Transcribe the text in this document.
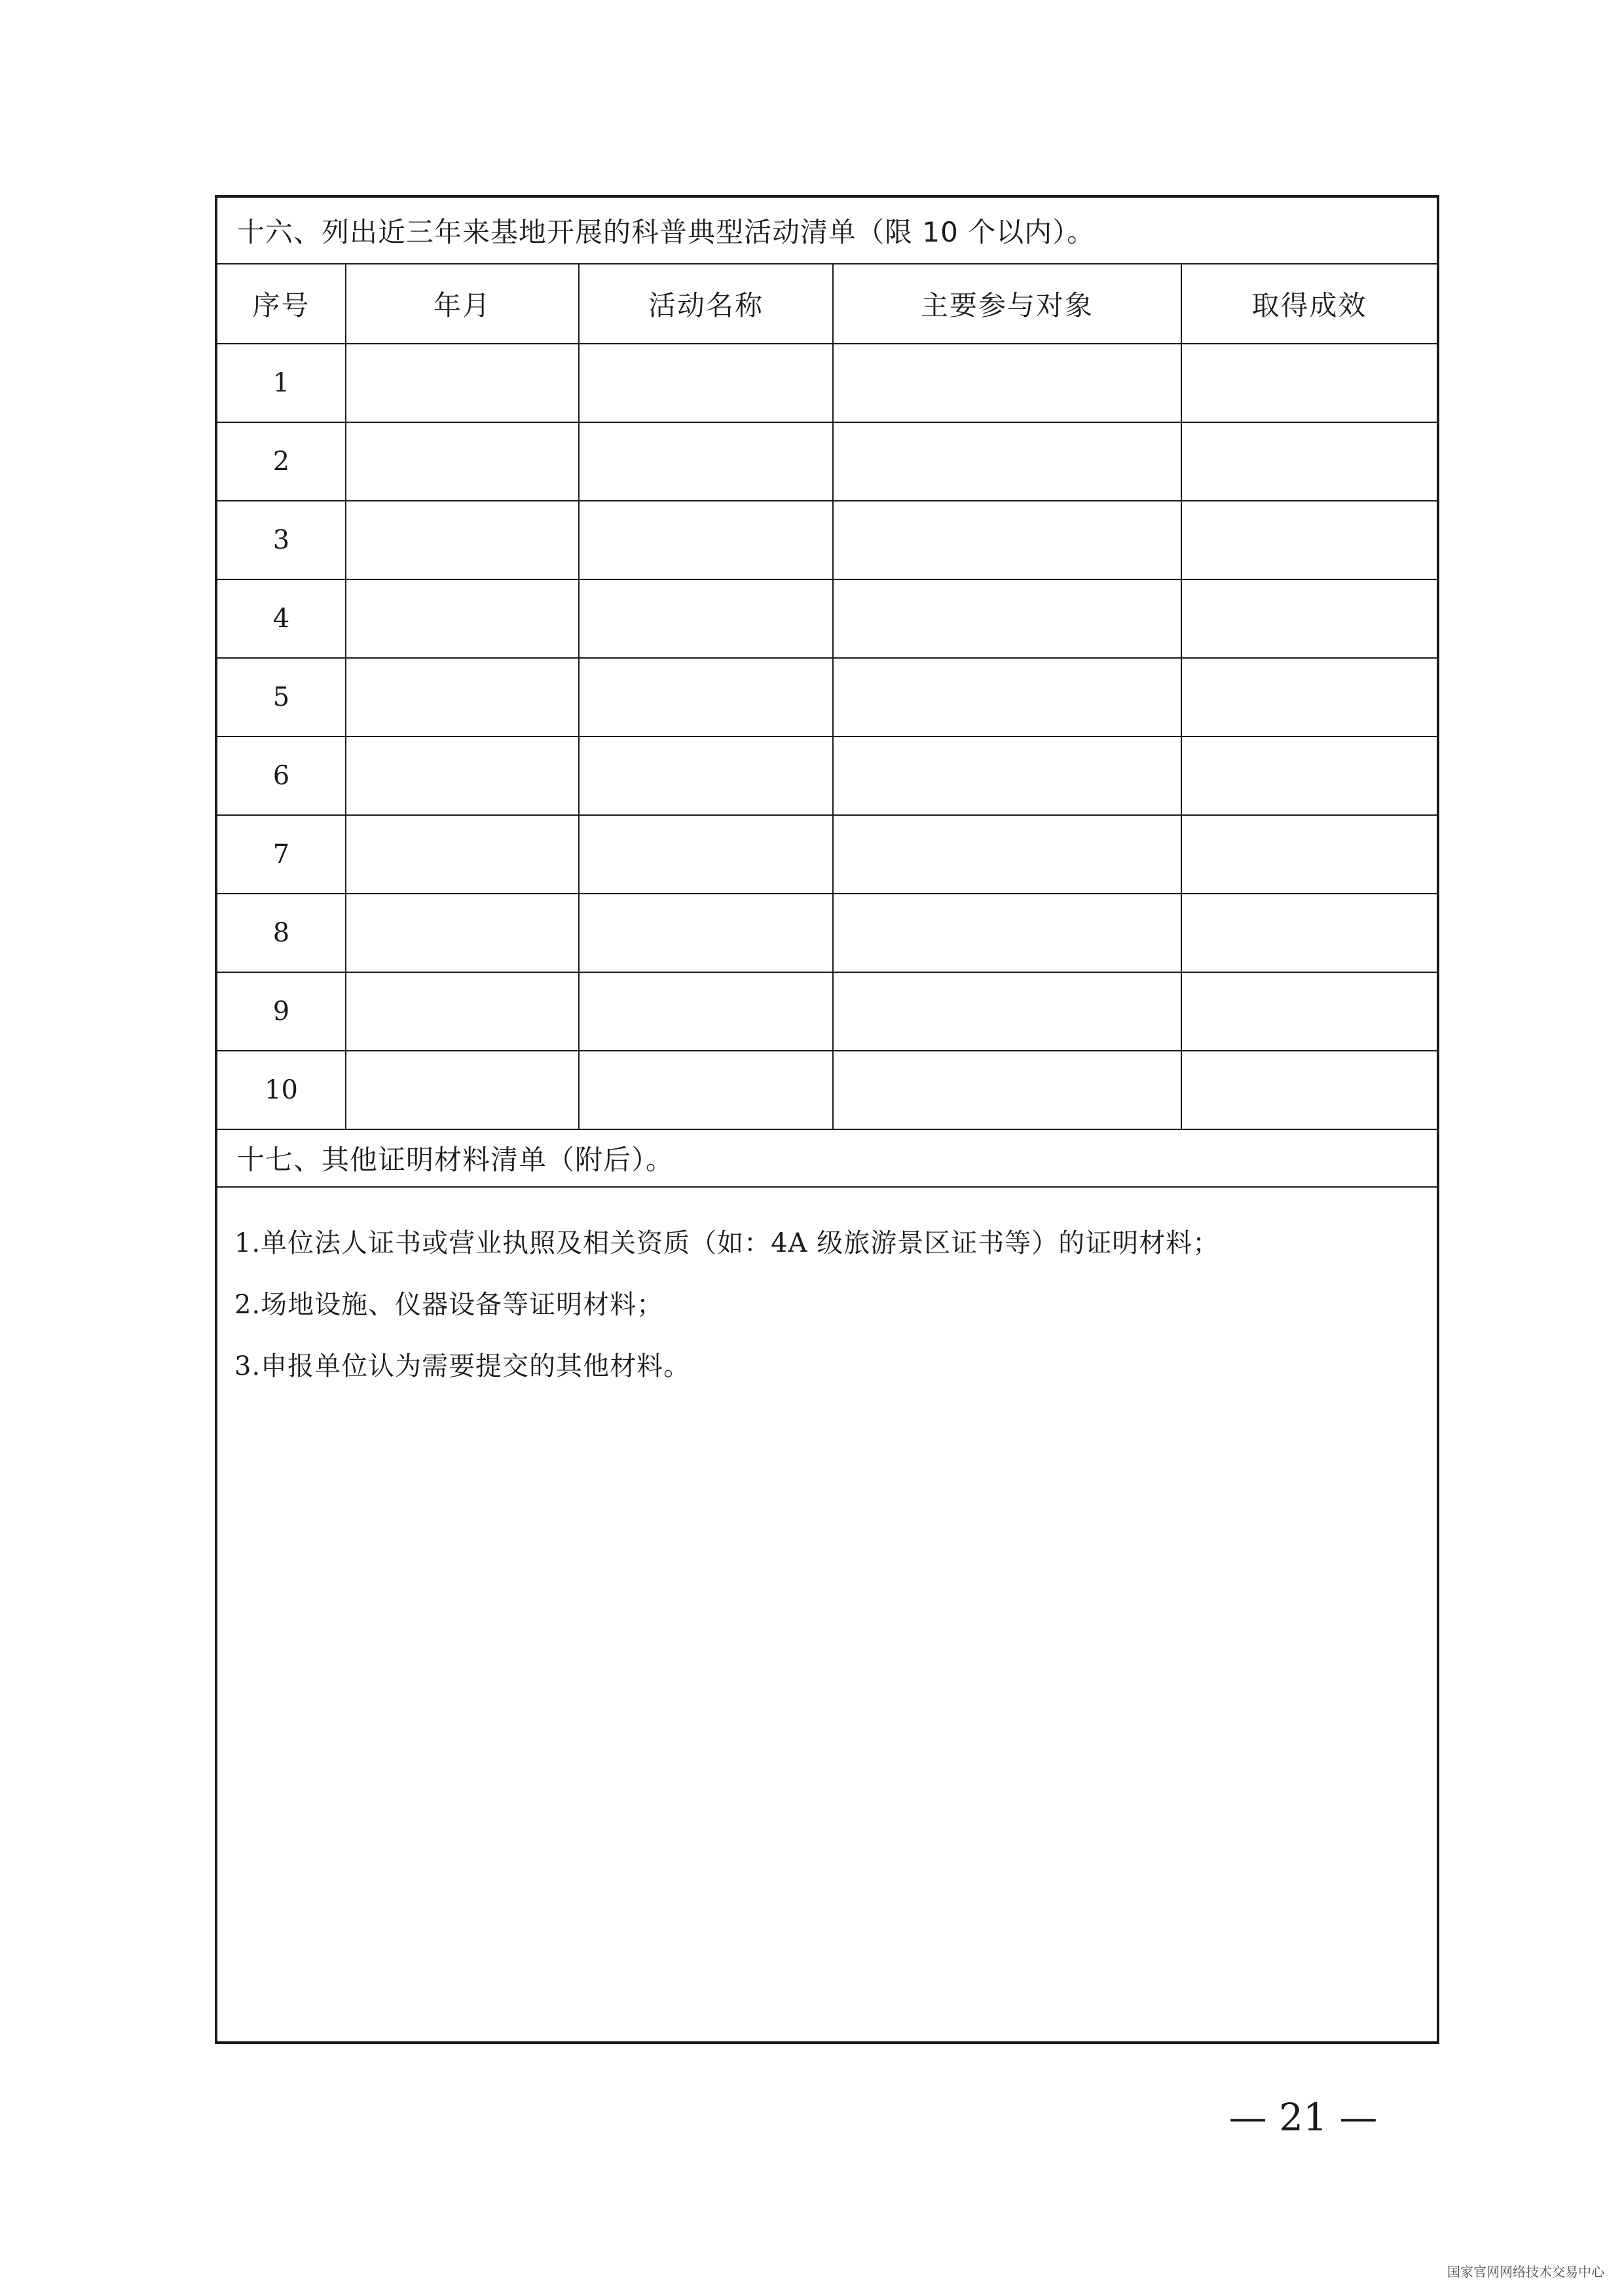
十六、列出近三年来基地开展的科普典型活动清单（限 10 个以内）。				
序号	年月	活动名称	主要参与对象	取得成效
1				
2				
3				
4				
5				
6				
7				
8				
9				
10				
十七、其他证明材料清单（附后）。				

1.单位法人证书或营业执照及相关资质（如：4A 级旅游景区证书等）的证明材料；
2.场地设施、仪器设备等证明材料；
3.申报单位认为需要提交的其他材料。				
— 21 —
国家官网网络技术交易中心
